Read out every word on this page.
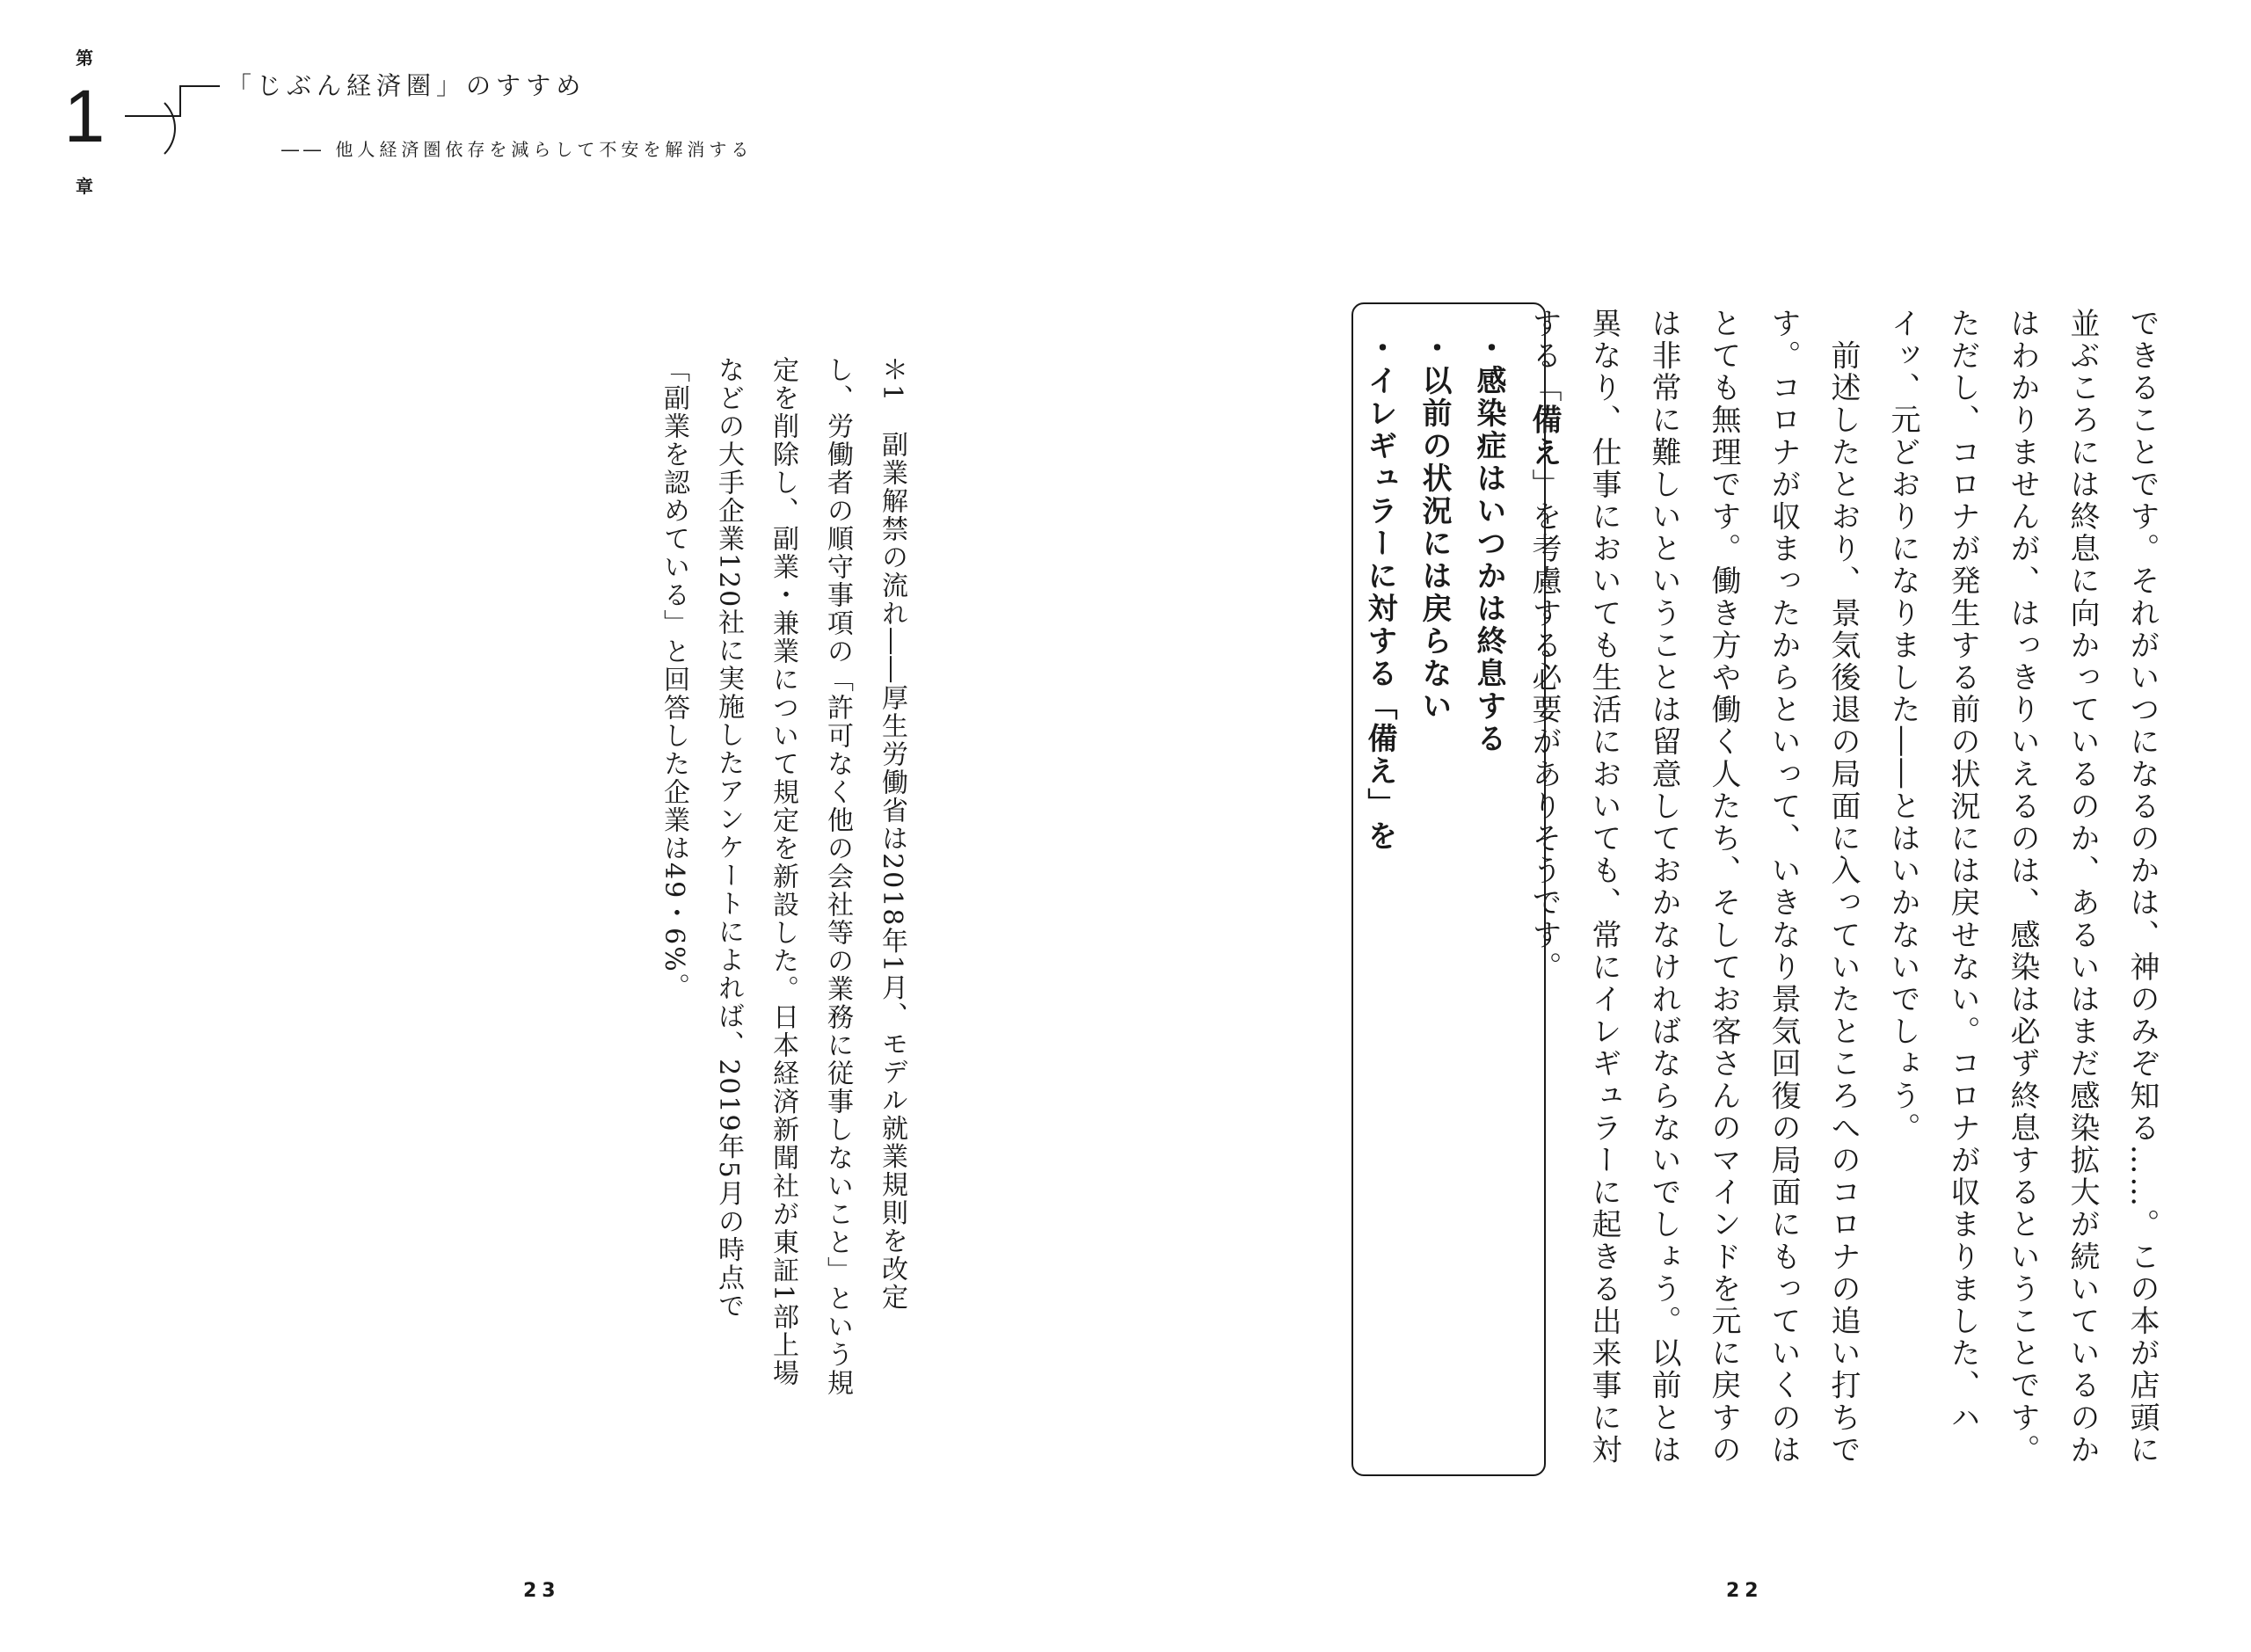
第
1
章
「じぶん経済圏」のすすめ
―― 他人経済圏依存を減らして不安を解消する
できることです。それがいつになるのかは、神のみぞ知る……。この本が店頭に
並ぶころには終息に向かっているのか、あるいはまだ感染拡大が続いているのか
はわかりませんが、はっきりいえるのは、感染は必ず終息するということです。
ただし、コロナが発生する前の状況には戻せない。コロナが収まりました、ハ
イッ、元どおりになりました――とはいかないでしょう。
　前述したとおり、景気後退の局面に入っていたところへのコロナの追い打ちで
す。コロナが収まったからといって、いきなり景気回復の局面にもっていくのは
とても無理です。働き方や働く人たち、そしてお客さんのマインドを元に戻すの
は非常に難しいということは留意しておかなければならないでしょう。以前とは
異なり、仕事においても生活においても、常にイレギュラーに起きる出来事に対
する「備え」を考慮する必要がありそうです。
・感染症はいつかは終息する
・以前の状況には戻らない
・イレギュラーに対する「備え」を
＊1　副業解禁の流れ――厚生労働省は2018年1月、モデル就業規則を改定
し、労働者の順守事項の「許可なく他の会社等の業務に従事しないこと」という規
定を削除し、副業・兼業について規定を新設した。日本経済新聞社が東証1部上場
などの大手企業120社に実施したアンケートによれば、2019年5月の時点で
「副業を認めている」と回答した企業は49・6%。
23	22
